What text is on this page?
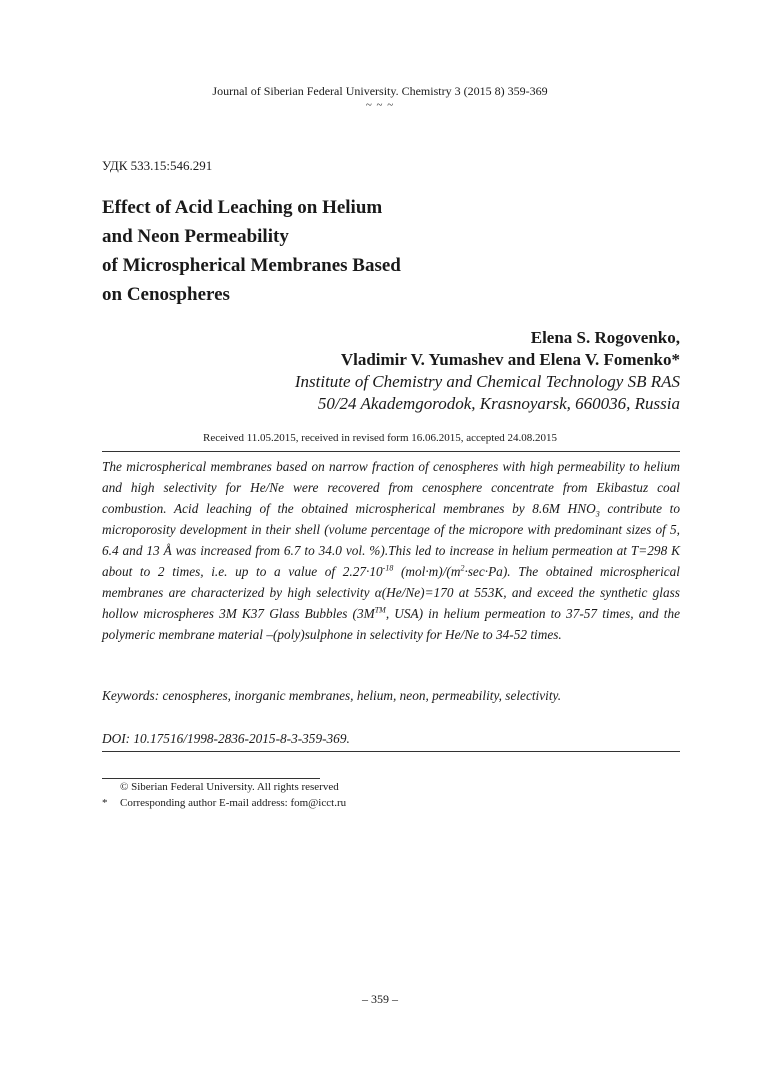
Journal of Siberian Federal University. Chemistry 3 (2015 8) 359-369
~ ~ ~
УДК 533.15:546.291
Effect of Acid Leaching on Helium
and Neon Permeability
of Microspherical Membranes Based
on Cenospheres
Elena S. Rogovenko,
Vladimir V. Yumashev and Elena V. Fomenko*
Institute of Chemistry and Chemical Technology SB RAS
50/24 Akademgorodok, Krasnoyarsk, 660036, Russia
Received 11.05.2015, received in revised form 16.06.2015, accepted 24.08.2015
The microspherical membranes based on narrow fraction of cenospheres with high permeability to helium and high selectivity for He/Ne were recovered from cenosphere concentrate from Ekibastuz coal combustion. Acid leaching of the obtained microspherical membranes by 8.6M $HNO_3$ contribute to microporosity development in their shell (volume percentage of the micropore with predominant sizes of 5, 6.4 and 13 Å was increased from 6.7 to 34.0 vol. %).This led to increase in helium permeation at T=298 K about to 2 times, i.e. up to a value of $2.27\cdot 10^{-18}$ $(mol\cdot m)/(m^2\cdot\sec\cdot Pa)$. The obtained microspherical membranes are characterized by high selectivity α(He/Ne)=170 at 553K, and exceed the synthetic glass hollow microspheres 3M K37 Glass Bubbles (3M™, USA) in helium permeation to 37-57 times, and the polymeric membrane material –(poly)sulphone in selectivity for He/Ne to 34-52 times.
Keywords: cenospheres, inorganic membranes, helium, neon, permeability, selectivity.
DOI: 10.17516/1998-2836-2015-8-3-359-369.
© Siberian Federal University. All rights reserved
* Corresponding author E-mail address: fom@icct.ru
– 359 –
